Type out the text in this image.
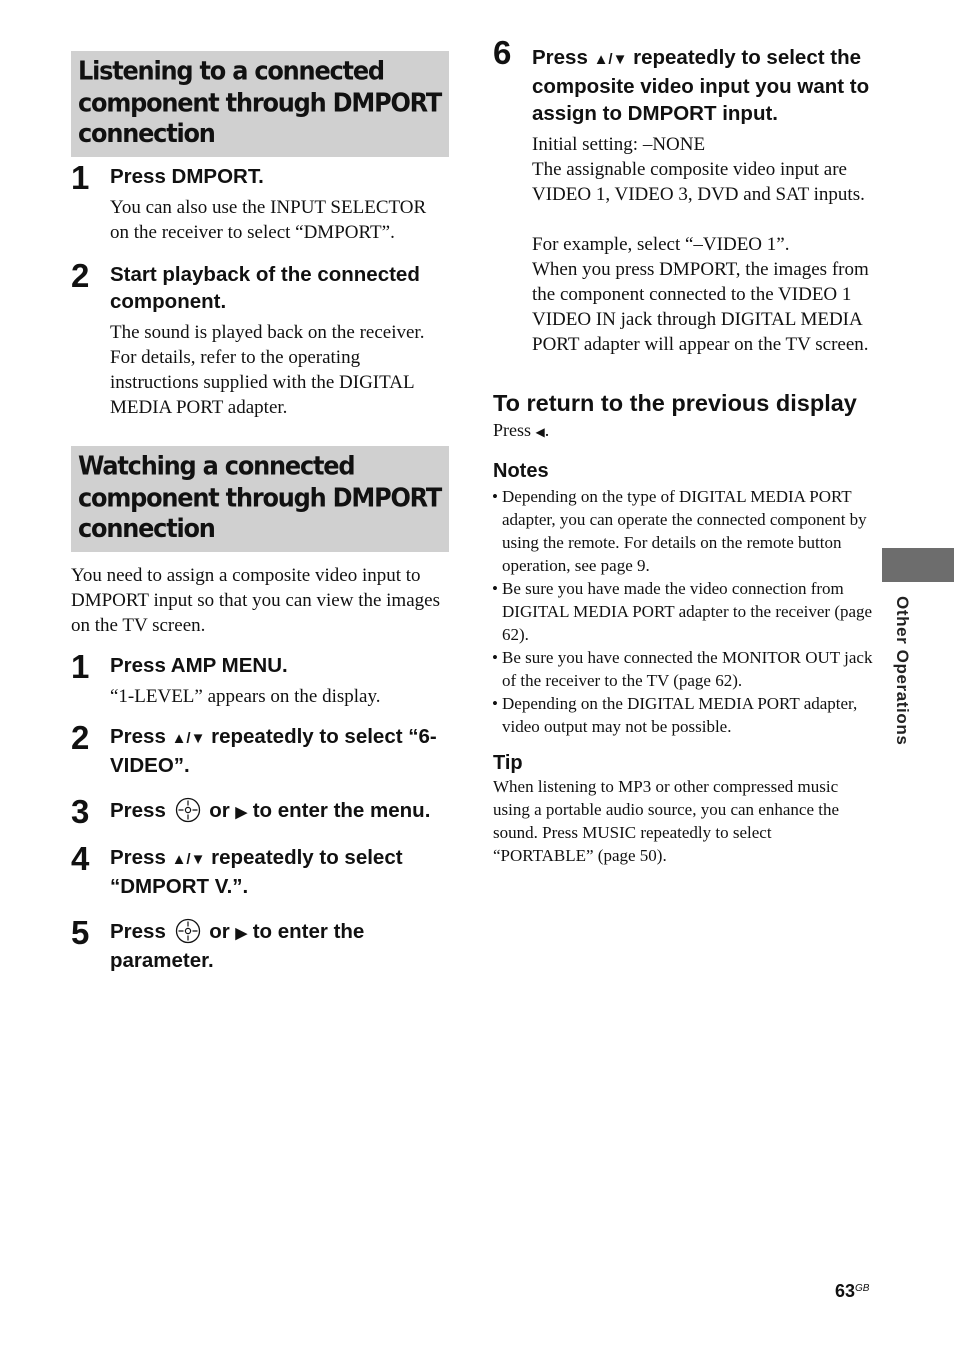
Listening to a connected component through DMPORT connection
1 Press DMPORT.
You can also use the INPUT SELECTOR on the receiver to select “DMPORT”.
2 Start playback of the connected component.
The sound is played back on the receiver. For details, refer to the operating instructions supplied with the DIGITAL MEDIA PORT adapter.
Watching a connected component through DMPORT connection
You need to assign a composite video input to DMPORT input so that you can view the images on the TV screen.
1 Press AMP MENU.
“1-LEVEL” appears on the display.
2 Press ▲/▼ repeatedly to select “6-VIDEO”.
3 Press  or ▶ to enter the menu.
4 Press ▲/▼ repeatedly to select “DMPORT V.”.
5 Press  or ▶ to enter the parameter.
6 Press ▲/▼ repeatedly to select the composite video input you want to assign to DMPORT input.
Initial setting: –NONE
The assignable composite video input are VIDEO 1, VIDEO 3, DVD and SAT inputs.
For example, select “–VIDEO 1”.
When you press DMPORT, the images from the component connected to the VIDEO 1 VIDEO IN jack through DIGITAL MEDIA PORT adapter will appear on the TV screen.
To return to the previous display
Press ◀.
Notes
• Depending on the type of DIGITAL MEDIA PORT adapter, you can operate the connected component by using the remote. For details on the remote button operation, see page 9.
• Be sure you have made the video connection from DIGITAL MEDIA PORT adapter to the receiver (page 62).
• Be sure you have connected the MONITOR OUT jack of the receiver to the TV (page 62).
• Depending on the DIGITAL MEDIA PORT adapter, video output may not be possible.
Tip
When listening to MP3 or other compressed music using a portable audio source, you can enhance the sound. Press MUSIC repeatedly to select “PORTABLE” (page 50).
Other Operations
$63^{GB}$
